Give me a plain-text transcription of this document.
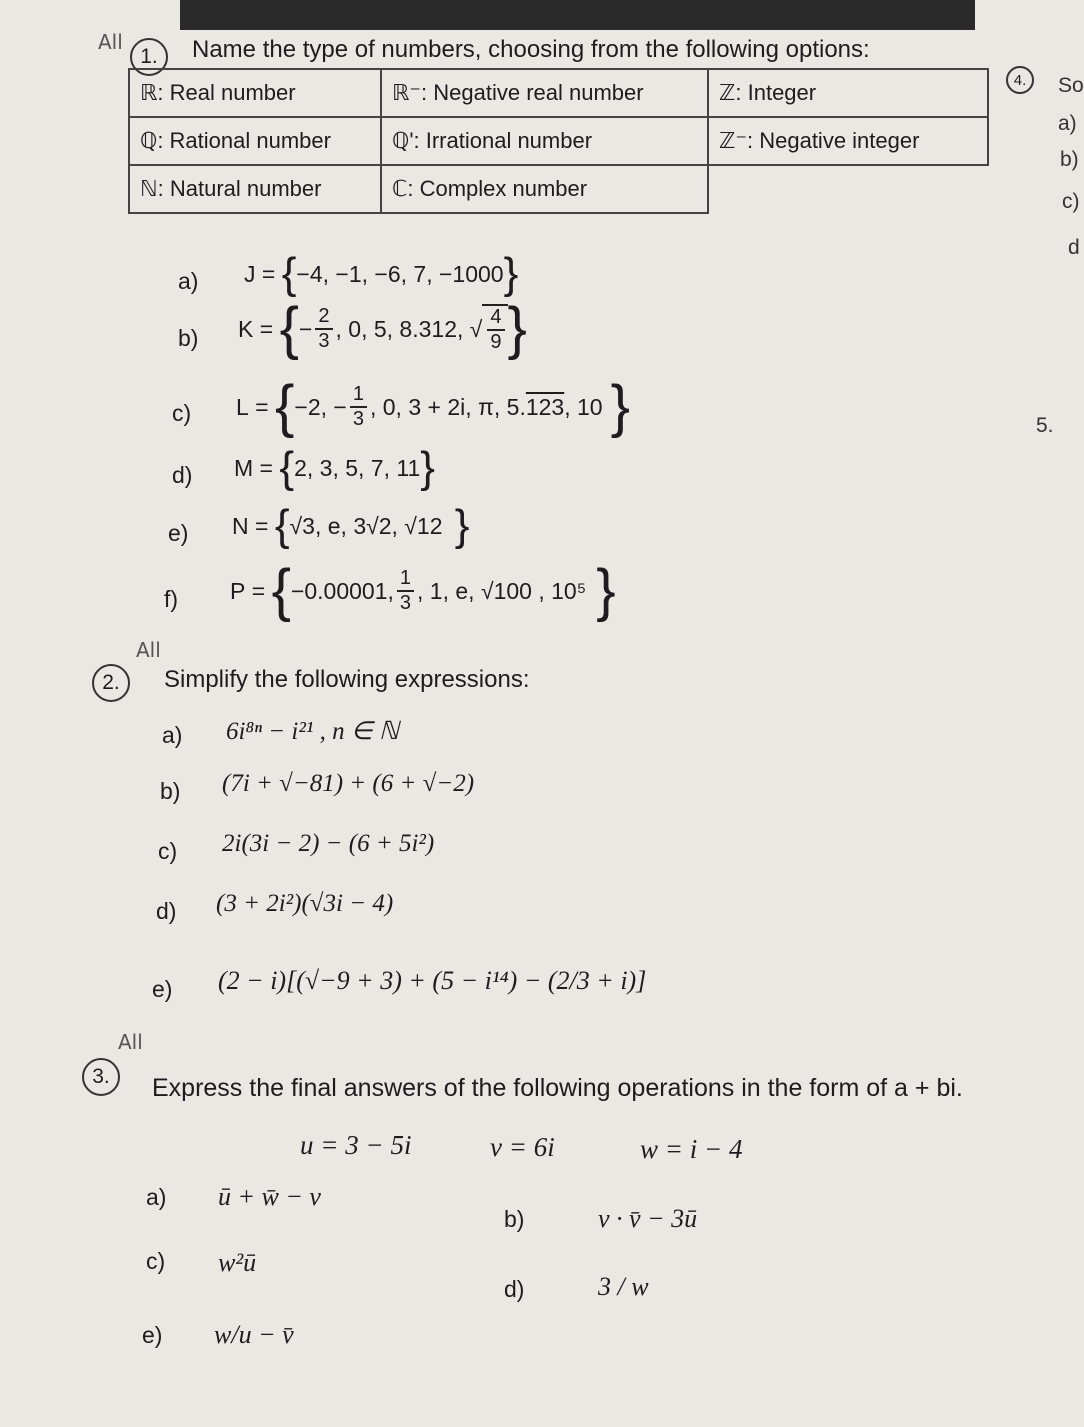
All
1.	Name the type of numbers, choosing from the following options:
ℝ: Real number	ℝ⁻: Negative real number	ℤ: Integer
ℚ: Rational number	ℚ': Irrational number	ℤ⁻: Negative integer
ℕ: Natural number	ℂ: Complex number	
a) J = { −4, −1, −6, 7, −1000 }
b) K = { − $\frac{2}{3}$ , 0, 5, 8.312, √ $\frac{4}{9}$ }
c) L = { −2, − $\frac{1}{3}$ , 0, 3 + 2i, π, 5. 123 , 10 }
d) M = { 2, 3, 5, 7, 11 }
e) N = { √3, e, 3√2, √12 }
f) P = { −0.00001, $\frac{1}{3}$ , 1, e, √100 , 10⁵ }
All
2.	Simplify the following expressions:
a) 6i⁸ⁿ − i²¹ , n ∈ ℕ
b) (7i + √−81) + (6 + √−2)
c) 2i(3i − 2) − (6 + 5i²)
d) (3 + 2i²)(√3i − 4)
e) (2 − i)[(√−9 + 3) + (5 − i¹⁴) − (2/3 + i)]
All
3.	Express the final answers of the following operations in the form of a + bi.
u = 3 − 5i	v = 6i	w = i − 4
a) ū + w̄ − v
b)	v · v̄ − 3ū
c) w²ū
d)	3 / w
e) w/u − v̄
4.	So
a)
b)
c)
d
5.
